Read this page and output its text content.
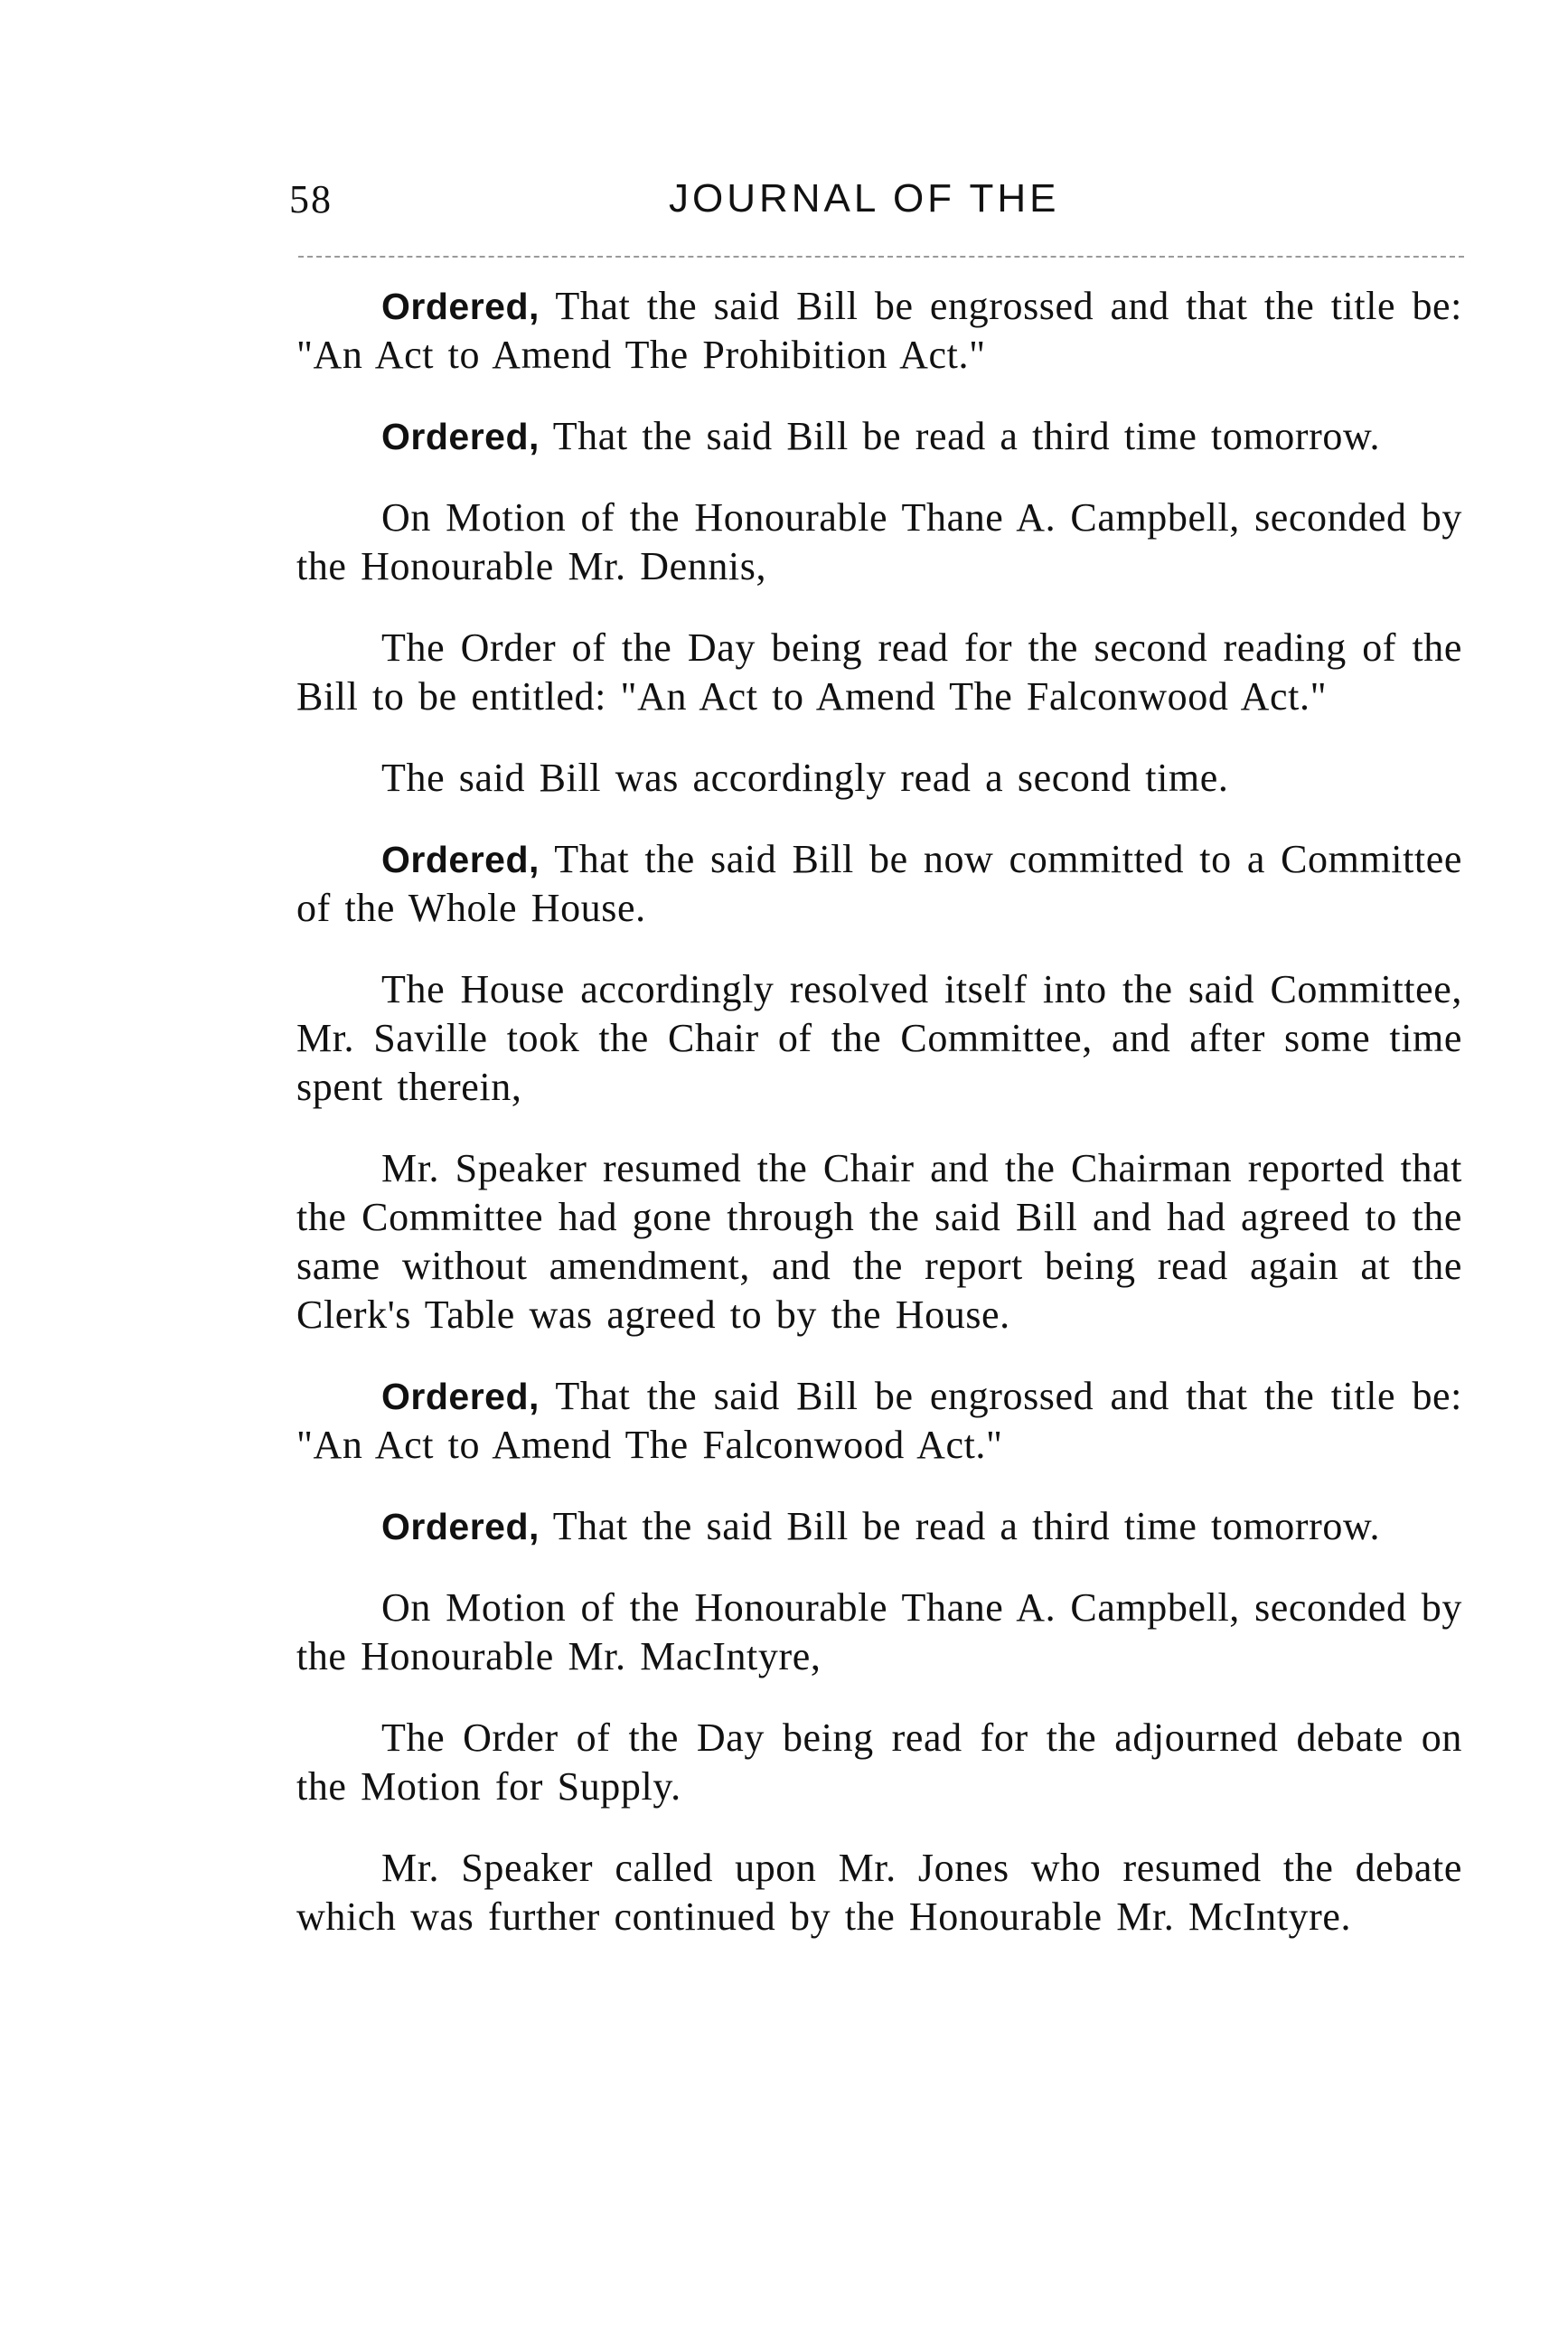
58	JOURNAL OF THE

Ordered, That the said Bill be engrossed and that the title be: "An Act to Amend The Prohibition Act."

Ordered, That the said Bill be read a third time tomorrow.

On Motion of the Honourable Thane A. Campbell, seconded by the Honourable Mr. Dennis,

The Order of the Day being read for the second reading of the Bill to be entitled: "An Act to Amend The Falconwood Act."

The said Bill was accordingly read a second time.

Ordered, That the said Bill be now committed to a Committee of the Whole House.

The House accordingly resolved itself into the said Committee, Mr. Saville took the Chair of the Committee, and after some time spent therein,

Mr. Speaker resumed the Chair and the Chairman reported that the Committee had gone through the said Bill and had agreed to the same without amendment, and the report being read again at the Clerk's Table was agreed to by the House.

Ordered, That the said Bill be engrossed and that the title be: "An Act to Amend The Falconwood Act."

Ordered, That the said Bill be read a third time tomorrow.

On Motion of the Honourable Thane A. Campbell, seconded by the Honourable Mr. MacIntyre,

The Order of the Day being read for the adjourned debate on the Motion for Supply.

Mr. Speaker called upon Mr. Jones who resumed the debate which was further continued by the Honourable Mr. McIntyre.
